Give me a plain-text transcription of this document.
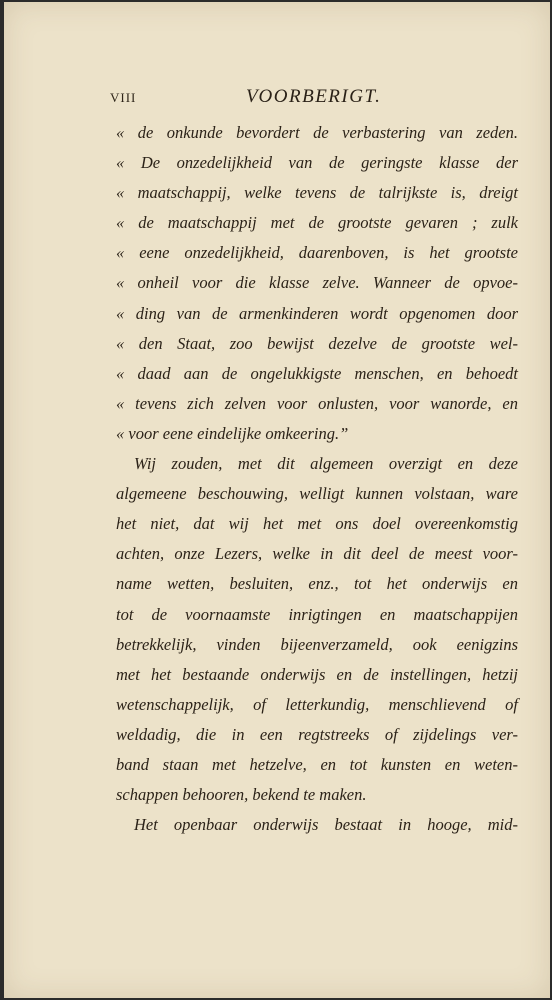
VIII	VOORBERIGT.
« de onkunde bevordert de verbastering van zeden.
« De onzedelijkheid van de geringste klasse der
« maatschappij, welke tevens de talrijkste is, dreigt
« de maatschappij met de grootste gevaren ; zulk
« eene onzedelijkheid, daarenboven, is het grootste
« onheil voor die klasse zelve. Wanneer de opvoe-
« ding van de armenkinderen wordt opgenomen door
« den Staat, zoo bewijst dezelve de grootste wel-
« daad aan de ongelukkigste menschen, en behoedt
« tevens zich zelven voor onlusten, voor wanorde, en
« voor eene eindelijke omkeering.”
Wij zouden, met dit algemeen overzigt en deze
algemeene beschouwing, welligt kunnen volstaan, ware
het niet, dat wij het met ons doel overeenkomstig
achten, onze Lezers, welke in dit deel de meest voor-
name wetten, besluiten, enz., tot het onderwijs en
tot de voornaamste inrigtingen en maatschappijen
betrekkelijk, vinden bijeenverzameld, ook eenigzins
met het bestaande onderwijs en de instellingen, hetzij
wetenschappelijk, of letterkundig, menschlievend of
weldadig, die in een regtstreeks of zijdelings ver-
band staan met hetzelve, en tot kunsten en weten-
schappen behooren, bekend te maken.
Het openbaar onderwijs bestaat in hooge, mid-
